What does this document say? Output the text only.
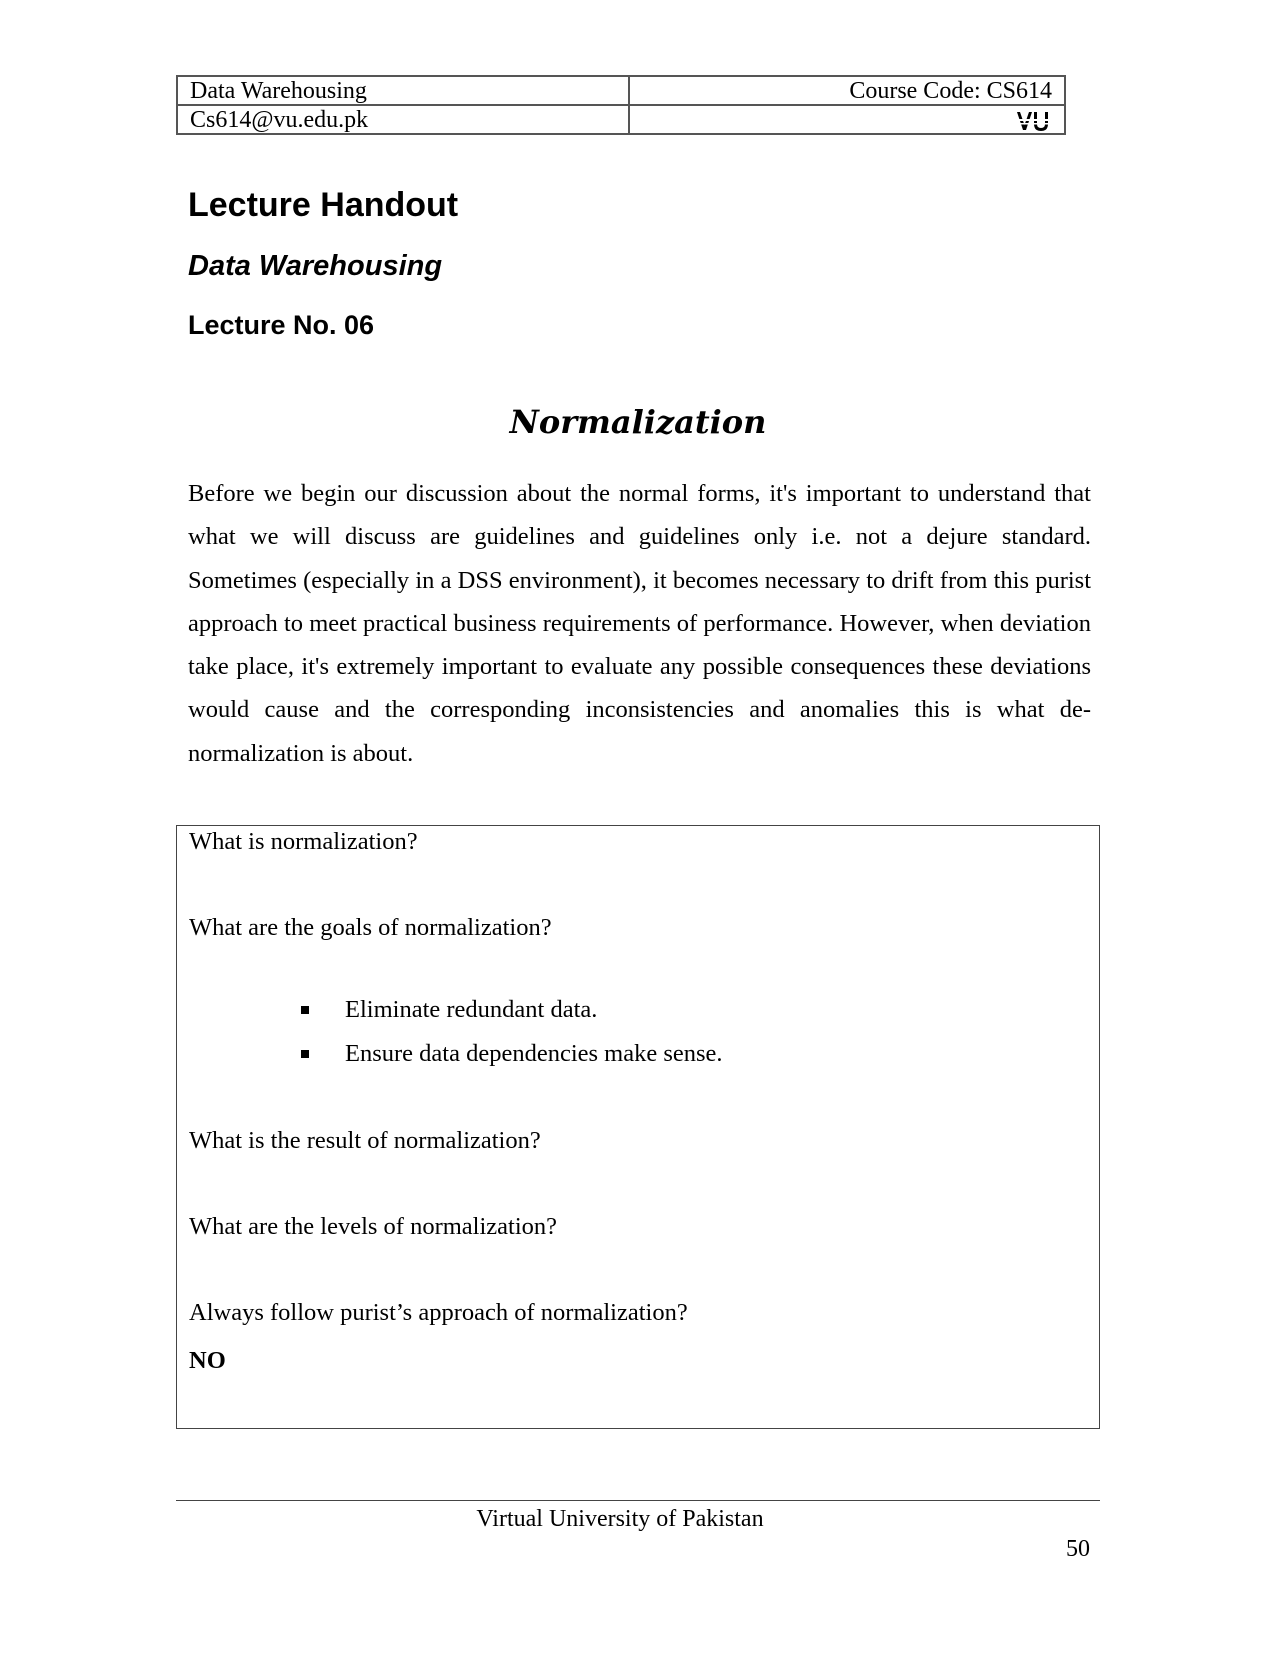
Data Warehousing	Course Code: CS614
Cs614@vu.edu.pk	
Lecture Handout
Data Warehousing
Lecture No. 06
Normalization

Before we begin our discussion about the normal forms, it's important to understand that what we will discuss are guidelines and guidelines only i.e. not a dejure standard. Sometimes (especially in a DSS environment), it becomes necessary to drift from this purist approach to meet practical business requirements of performance. However, when deviation take place, it's extremely important to evaluate any possible consequences these deviations would cause and the corresponding inconsistencies and anomalies this is what de-normalization is about.

What is normalization?

What are the goals of normalization?

Eliminate redundant data.
Ensure data dependencies make sense.

What is the result of normalization?

What are the levels of normalization?

Always follow purist’s approach of normalization?

NO

Virtual University of Pakistan

50
